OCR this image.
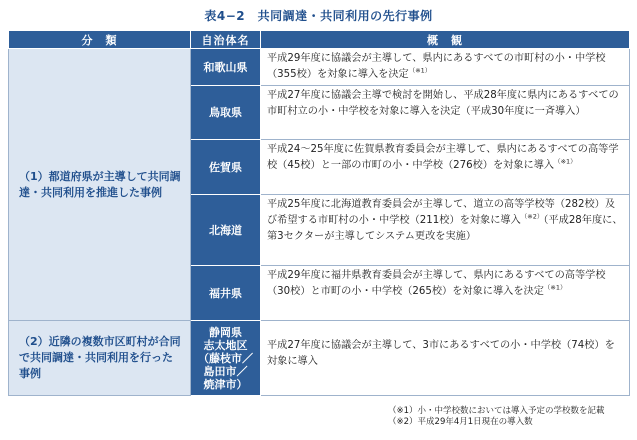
表4−2　共同調達・共同利用の先行事例
分　類	自治体名	概　観
（1）都道府県が主導して共同調達・共同利用を推進した事例	和歌山県	平成29年度に協議会が主導して、県内にあるすべての市町村の小・中学校（355校）を対象に導入を決定$^{(※1)}$
	鳥取県	平成27年度に協議会主導で検討を開始し、平成28年度に県内にあるすべての市町村立の小・中学校を対象に導入を決定（平成30年度に一斉導入）
	佐賀県	平成24〜25年度に佐賀県教育委員会が主導して、県内にあるすべての高等学校（45校）と一部の市町の小・中学校（276校）を対象に導入$^{(※1)}$
	北海道	平成25年度に北海道教育委員会が主導して、道立の高等学校等（282校）及び希望する市町村の小・中学校（211校）を対象に導入$^{(※2)}$（平成28年度に、第3セクターが主導してシステム更改を実施）
	福井県	平成29年度に福井県教育委員会が主導して、県内にあるすべての高等学校（30校）と市町の小・中学校（265校）を対象に導入を決定$^{(※1)}$
（2）近隣の複数市区町村が合同で共同調達・共同利用を行った事例	静岡県
志太地区
（藤枝市／
島田市／
焼津市）	平成27年度に協議会が主導して、3市にあるすべての小・中学校（74校）を対象に導入
（※1）小・中学校数においては導入予定の学校数を記載
（※2）平成29年4月1日現在の導入数
